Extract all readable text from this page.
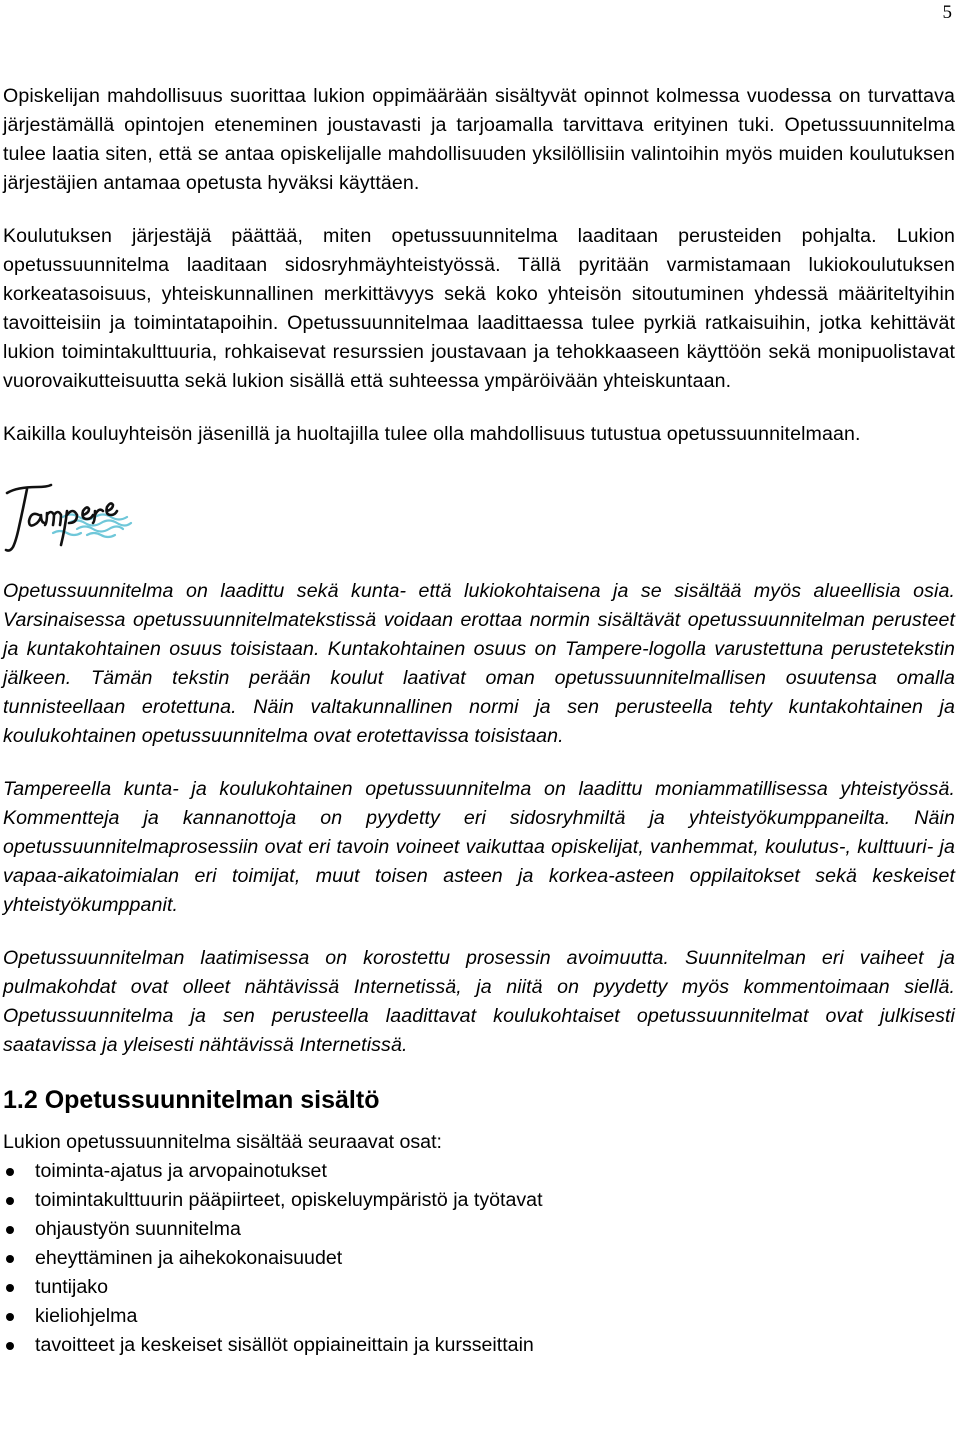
5

Opiskelijan mahdollisuus suorittaa lukion oppimäärään sisältyvät opinnot kolmessa vuodessa on turvattava järjestämällä opintojen eteneminen joustavasti ja tarjoamalla tarvittava erityinen tuki. Opetussuunnitelma tulee laatia siten, että se antaa opiskelijalle mahdollisuuden yksilöllisiin valintoihin myös muiden koulutuksen järjestäjien antamaa opetusta hyväksi käyttäen.

Koulutuksen järjestäjä päättää, miten opetussuunnitelma laaditaan perusteiden pohjalta. Lukion opetussuunnitelma laaditaan sidosryhmäyhteistyössä. Tällä pyritään varmistamaan lukiokoulutuksen korkeatasoisuus, yhteiskunnallinen merkittävyys sekä koko yhteisön sitoutuminen yhdessä määriteltyihin tavoitteisiin ja toimintatapoihin. Opetussuunnitelmaa laadittaessa tulee pyrkiä ratkaisuihin, jotka kehittävät lukion toimintakulttuuria, rohkaisevat resurssien joustavaan ja tehokkaaseen käyttöön sekä monipuolistavat vuorovaikutteisuutta sekä lukion sisällä että suhteessa ympäröivään yhteiskuntaan.

Kaikilla kouluyhteisön jäsenillä ja huoltajilla tulee olla mahdollisuus tutustua opetussuunnitelmaan.

Opetussuunnitelma on laadittu sekä kunta- että lukiokohtaisena ja se sisältää myös alueellisia osia. Varsinaisessa opetussuunnitelmatekstissä voidaan erottaa normin sisältävät opetussuunnitelman perusteet ja kuntakohtainen osuus toisistaan. Kuntakohtainen osuus on Tampere-logolla varustettuna perustetekstin jälkeen. Tämän tekstin perään koulut laativat oman opetussuunnitelmallisen osuutensa omalla tunnisteellaan erotettuna. Näin valtakunnallinen normi ja sen perusteella tehty kuntakohtainen ja koulukohtainen opetussuunnitelma ovat erotettavissa toisistaan.

Tampereella kunta- ja koulukohtainen opetussuunnitelma on laadittu moniammatillisessa yhteistyössä. Kommentteja ja kannanottoja on pyydetty eri sidosryhmiltä ja yhteistyökumppaneilta. Näin opetussuunnitelmaprosessiin ovat eri tavoin voineet vaikuttaa opiskelijat, vanhemmat, koulutus-, kulttuuri- ja vapaa-aikatoimialan eri toimijat, muut toisen asteen ja korkea-asteen oppilaitokset sekä keskeiset yhteistyökumppanit.

Opetussuunnitelman laatimisessa on korostettu prosessin avoimuutta. Suunnitelman eri vaiheet ja pulmakohdat ovat olleet nähtävissä Internetissä, ja niitä on pyydetty myös kommentoimaan siellä. Opetussuunnitelma ja sen perusteella laadittavat koulukohtaiset opetussuunnitelmat ovat julkisesti saatavissa ja yleisesti nähtävissä Internetissä.

1.2 Opetussuunnitelman sisältö
Lukion opetussuunnitelma sisältää seuraavat osat:
toiminta-ajatus ja arvopainotukset
toimintakulttuurin pääpiirteet, opiskeluympäristö ja työtavat
ohjaustyön suunnitelma
eheyttäminen ja aihekokonaisuudet
tuntijako
kieliohjelma
tavoitteet ja keskeiset sisällöt oppiaineittain ja kursseittain
